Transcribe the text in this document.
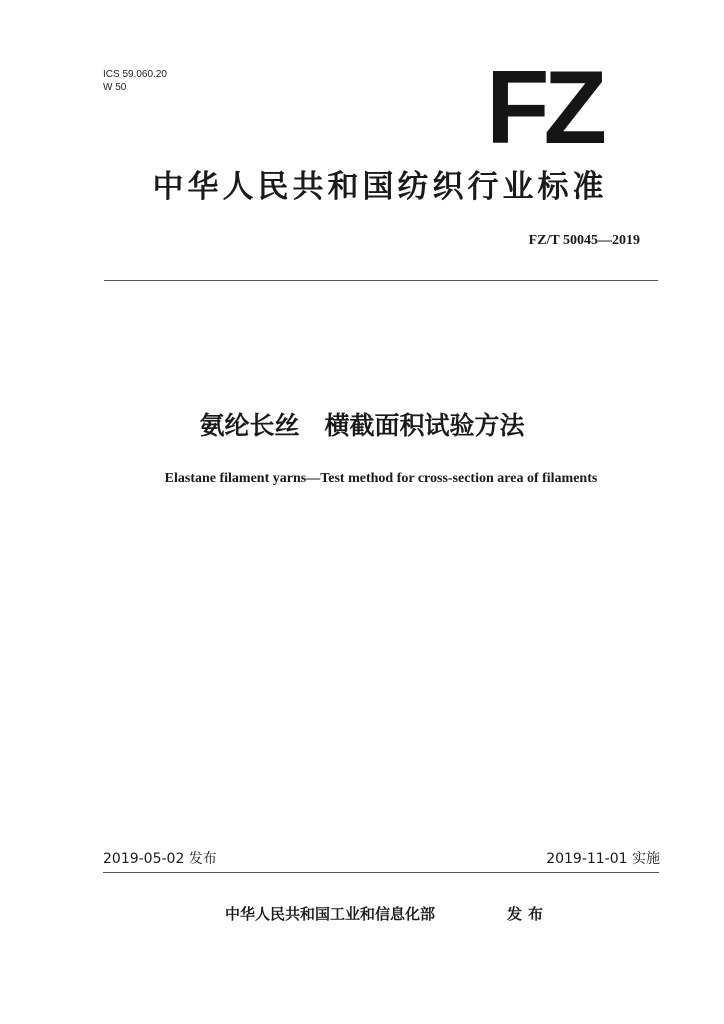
ICS 59.060.20
W 50	FZ
中华人民共和国纺织行业标准
FZ/T 50045—2019
氨纶长丝　横截面积试验方法
Elastane filament yarns—Test method for cross-section area of filaments
2019-05-02 发布	2019-11-01 实施
中华人民共和国工业和信息化部	发布
